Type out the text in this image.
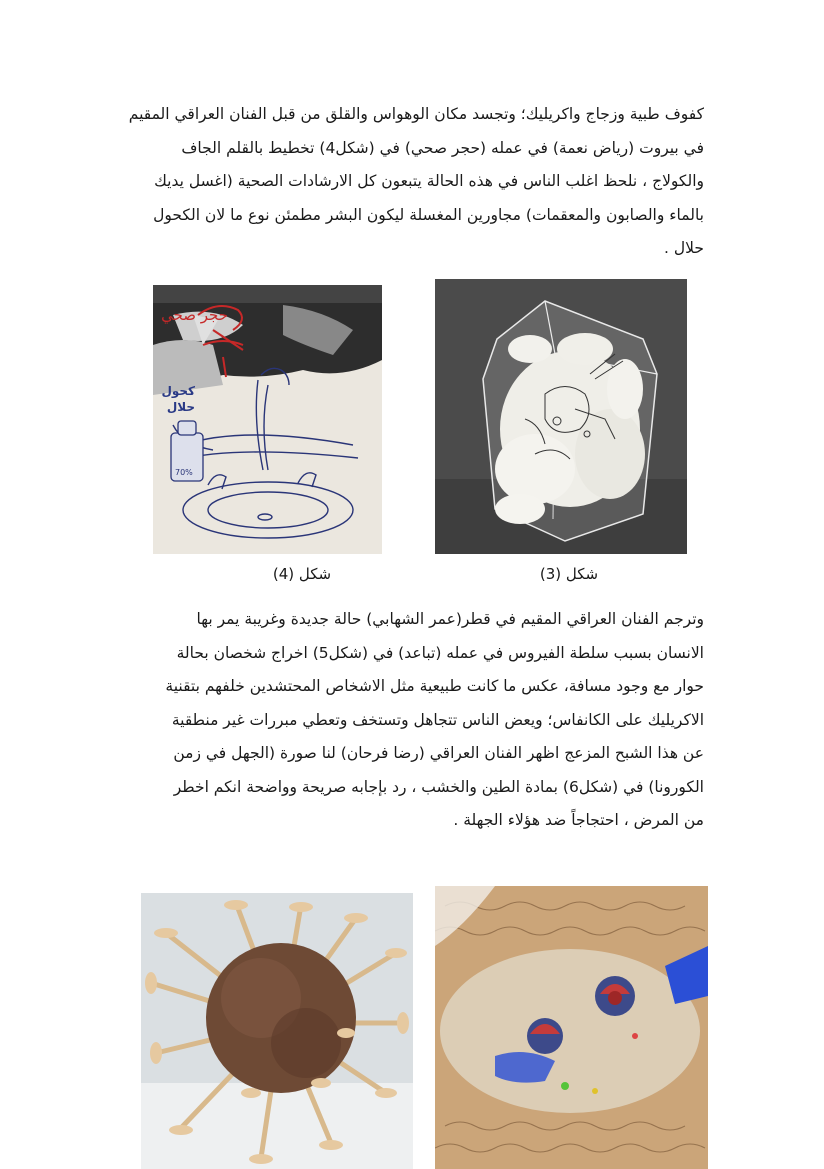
كفوف طبية وزجاج واكريليك؛ وتجسد مكان الوهواس والقلق من قبل الفنان العراقي المقيم
في بيروت (رياض نعمة) في عمله (حجر صحي) في (شكل4) تخطيط بالقلم الجاف
والكولاج ، نلحظ اغلب الناس في هذه الحالة يتبعون كل الارشادات الصحية (اغسل يديك
بالماء والصابون والمعقمات) مجاورين المغسلة ليكون البشر مطمئن نوع ما لان الكحول
حلال .
شكل (3)
حجر صحي
كحول
حلال
70%
شكل (4)
وترجم الفنان العراقي المقيم في قطر(عمر الشهابي) حالة جديدة وغريبة يمر بها
الانسان بسبب سلطة الفيروس في عمله (تباعد) في (شكل5) اخراج شخصان بحالة
حوار مع وجود مسافة، عكس ما كانت طبيعية مثل الاشخاص المحتشدين خلفهم بتقنية
الاكريليك على الكانفاس؛ ويعض الناس تتجاهل وتستخف وتعطي مبررات غير منطقية
عن هذا الشبح المزعج اظهر الفنان العراقي (رضا فرحان) لنا صورة (الجهل في زمن
الكورونا) في (شكل6) بمادة الطين والخشب ، رد بإجابه صريحة وواضحة انكم اخطر
من المرض ، احتجاجاً ضد هؤلاء الجهلة .
